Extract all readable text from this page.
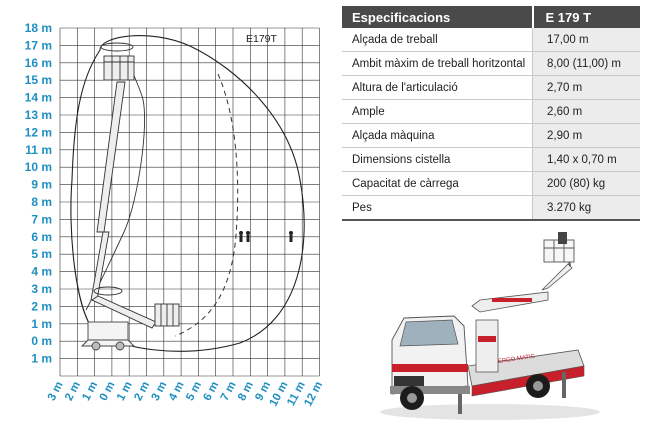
18 m
17 m
16 m
15 m
14 m
13 m
12 m
11 m
10 m
9 m
8 m
7 m
6 m
5 m
4 m
3 m
2 m
1 m
0 m
1 m
3 m
2 m
1 m
0 m
1 m
2 m
3 m
4 m
5 m
6 m
7 m
8 m
9 m
10 m
11 m
12 m
E179T
Especificacions	E 179 T
Alçada de treball	17,00 m
Ambit màxim de treball horitzontal	8,00 (11,00) m
Altura de l'articulació	2,70 m
Ample	2,60 m
Alçada màquina	2,90 m
Dimensions cistella	1,40 x 0,70 m
Capacitat de càrrega	200 (80) kg
Pes	3.270 kg
ERGO MATIC
